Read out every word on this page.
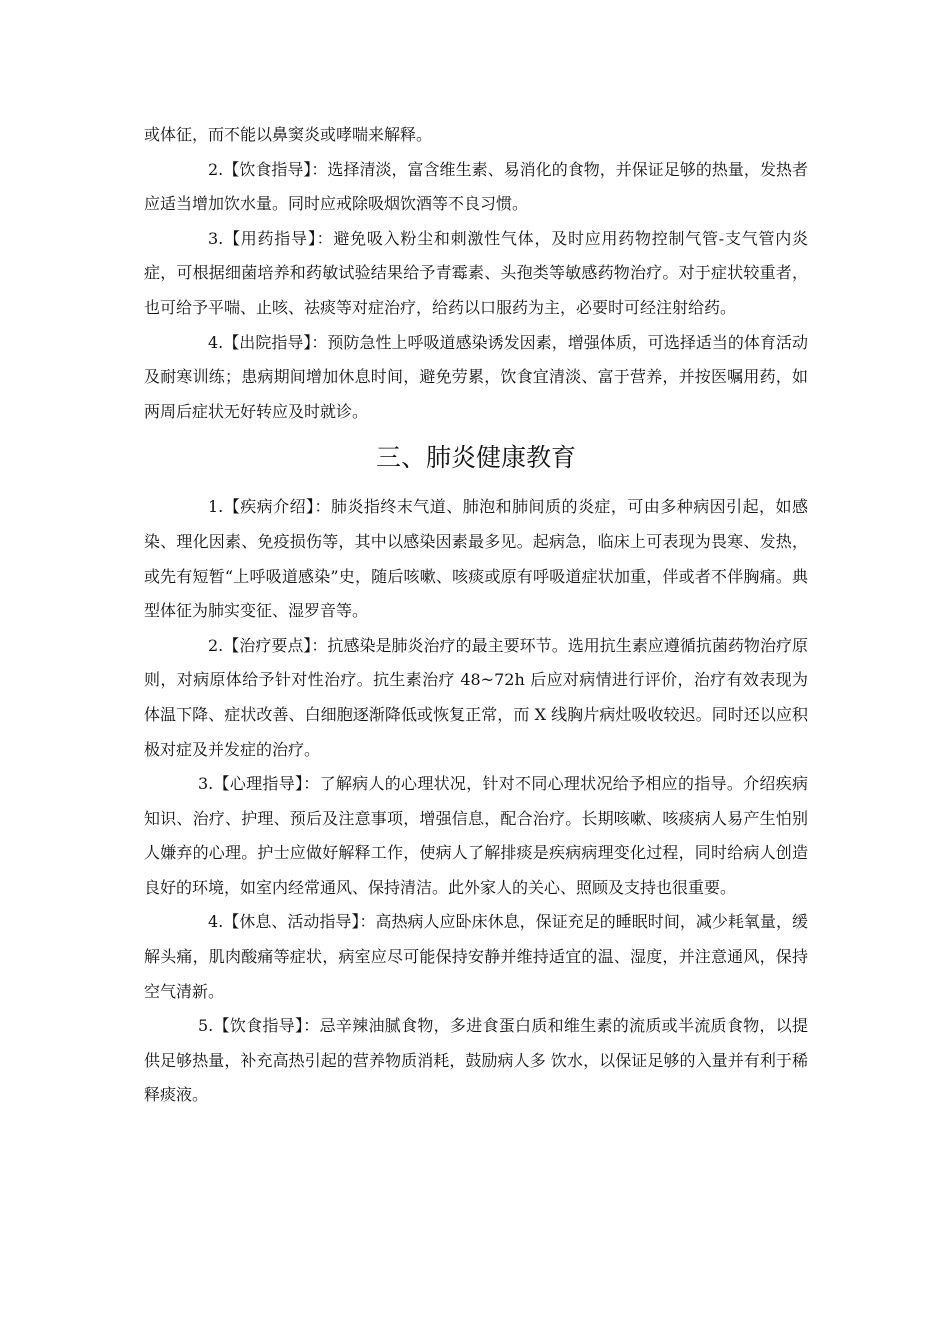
或体征，而不能以鼻窦炎或哮喘来解释。

2.【饮食指导】：选择清淡，富含维生素、易消化的食物，并保证足够的热量，发热者应适当增加饮水量。同时应戒除吸烟饮酒等不良习惯。

3.【用药指导】：避免吸入粉尘和刺激性气体，及时应用药物控制气管-支气管内炎症，可根据细菌培养和药敏试验结果给予青霉素、头孢类等敏感药物治疗。对于症状较重者，也可给予平喘、止咳、祛痰等对症治疗，给药以口服药为主，必要时可经注射给药。

4.【出院指导】：预防急性上呼吸道感染诱发因素，增强体质，可选择适当的体育活动及耐寒训练；患病期间增加休息时间，避免劳累，饮食宜清淡、富于营养，并按医嘱用药，如两周后症状无好转应及时就诊。

三、肺炎健康教育

1.【疾病介绍】：肺炎指终末气道、肺泡和肺间质的炎症，可由多种病因引起，如感染、理化因素、免疫损伤等，其中以感染因素最多见。起病急，临床上可表现为畏寒、发热，或先有短暂“上呼吸道感染”史，随后咳嗽、咳痰或原有呼吸道症状加重，伴或者不伴胸痛。典型体征为肺实变征、湿罗音等。

2.【治疗要点】：抗感染是肺炎治疗的最主要环节。选用抗生素应遵循抗菌药物治疗原则，对病原体给予针对性治疗。抗生素治疗 48~72h 后应对病情进行评价，治疗有效表现为体温下降、症状改善、白细胞逐渐降低或恢复正常，而 X 线胸片病灶吸收较迟。同时还以应积极对症及并发症的治疗。

3.【心理指导】：了解病人的心理状况，针对不同心理状况给予相应的指导。介绍疾病知识、治疗、护理、预后及注意事项，增强信息，配合治疗。长期咳嗽、咳痰病人易产生怕别人嫌弃的心理。护士应做好解释工作，使病人了解排痰是疾病病理变化过程，同时给病人创造良好的环境，如室内经常通风、保持清洁。此外家人的关心、照顾及支持也很重要。

4.【休息、活动指导】：高热病人应卧床休息，保证充足的睡眠时间，减少耗氧量，缓解头痛，肌肉酸痛等症状，病室应尽可能保持安静并维持适宜的温、湿度，并注意通风，保持空气清新。

5.【饮食指导】：忌辛辣油腻食物，多进食蛋白质和维生素的流质或半流质食物，以提供足够热量，补充高热引起的营养物质消耗，鼓励病人多 饮水，以保证足够的入量并有利于稀释痰液。
